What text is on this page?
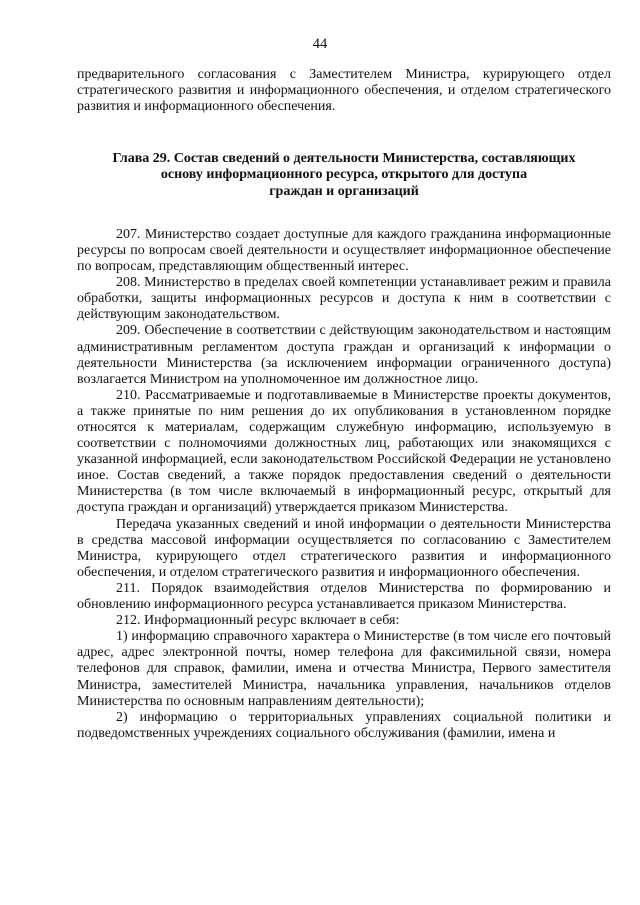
44

предварительного согласования с Заместителем Министра, курирующего отдел стратегического развития и информационного обеспечения, и отделом стратегического развития и информационного обеспечения.

Глава 29. Состав сведений о деятельности Министерства, составляющих
основу информационного ресурса, открытого для доступа
граждан и организаций

207. Министерство создает доступные для каждого гражданина информационные ресурсы по вопросам своей деятельности и осуществляет информационное обеспечение по вопросам, представляющим общественный интерес.

208. Министерство в пределах своей компетенции устанавливает режим и правила обработки, защиты информационных ресурсов и доступа к ним в соответствии с действующим законодательством.

209. Обеспечение в соответствии с действующим законодательством и настоящим административным регламентом доступа граждан и организаций к информации о деятельности Министерства (за исключением информации ограниченного доступа) возлагается Министром на уполномоченное им должностное лицо.

210. Рассматриваемые и подготавливаемые в Министерстве проекты документов, а также принятые по ним решения до их опубликования в установленном порядке относятся к материалам, содержащим служебную информацию, используемую в соответствии с полномочиями должностных лиц, работающих или знакомящихся с указанной информацией, если законодательством Российской Федерации не установлено иное. Состав сведений, а также порядок предоставления сведений о деятельности Министерства (в том числе включаемый в информационный ресурс, открытый для доступа граждан и организаций) утверждается приказом Министерства.

Передача указанных сведений и иной информации о деятельности Министерства в средства массовой информации осуществляется по согласованию с Заместителем Министра, курирующего отдел стратегического развития и информационного обеспечения, и отделом стратегического развития и информационного обеспечения.

211. Порядок взаимодействия отделов Министерства по формированию и обновлению информационного ресурса устанавливается приказом Министерства.

212. Информационный ресурс включает в себя:

1) информацию справочного характера о Министерстве (в том числе его почтовый адрес, адрес электронной почты, номер телефона для факсимильной связи, номера телефонов для справок, фамилии, имена и отчества Министра, Первого заместителя Министра, заместителей Министра, начальника управления, начальников отделов Министерства по основным направлениям деятельности);

2) информацию о территориальных управлениях социальной политики и подведомственных учреждениях социального обслуживания (фамилии, имена и
